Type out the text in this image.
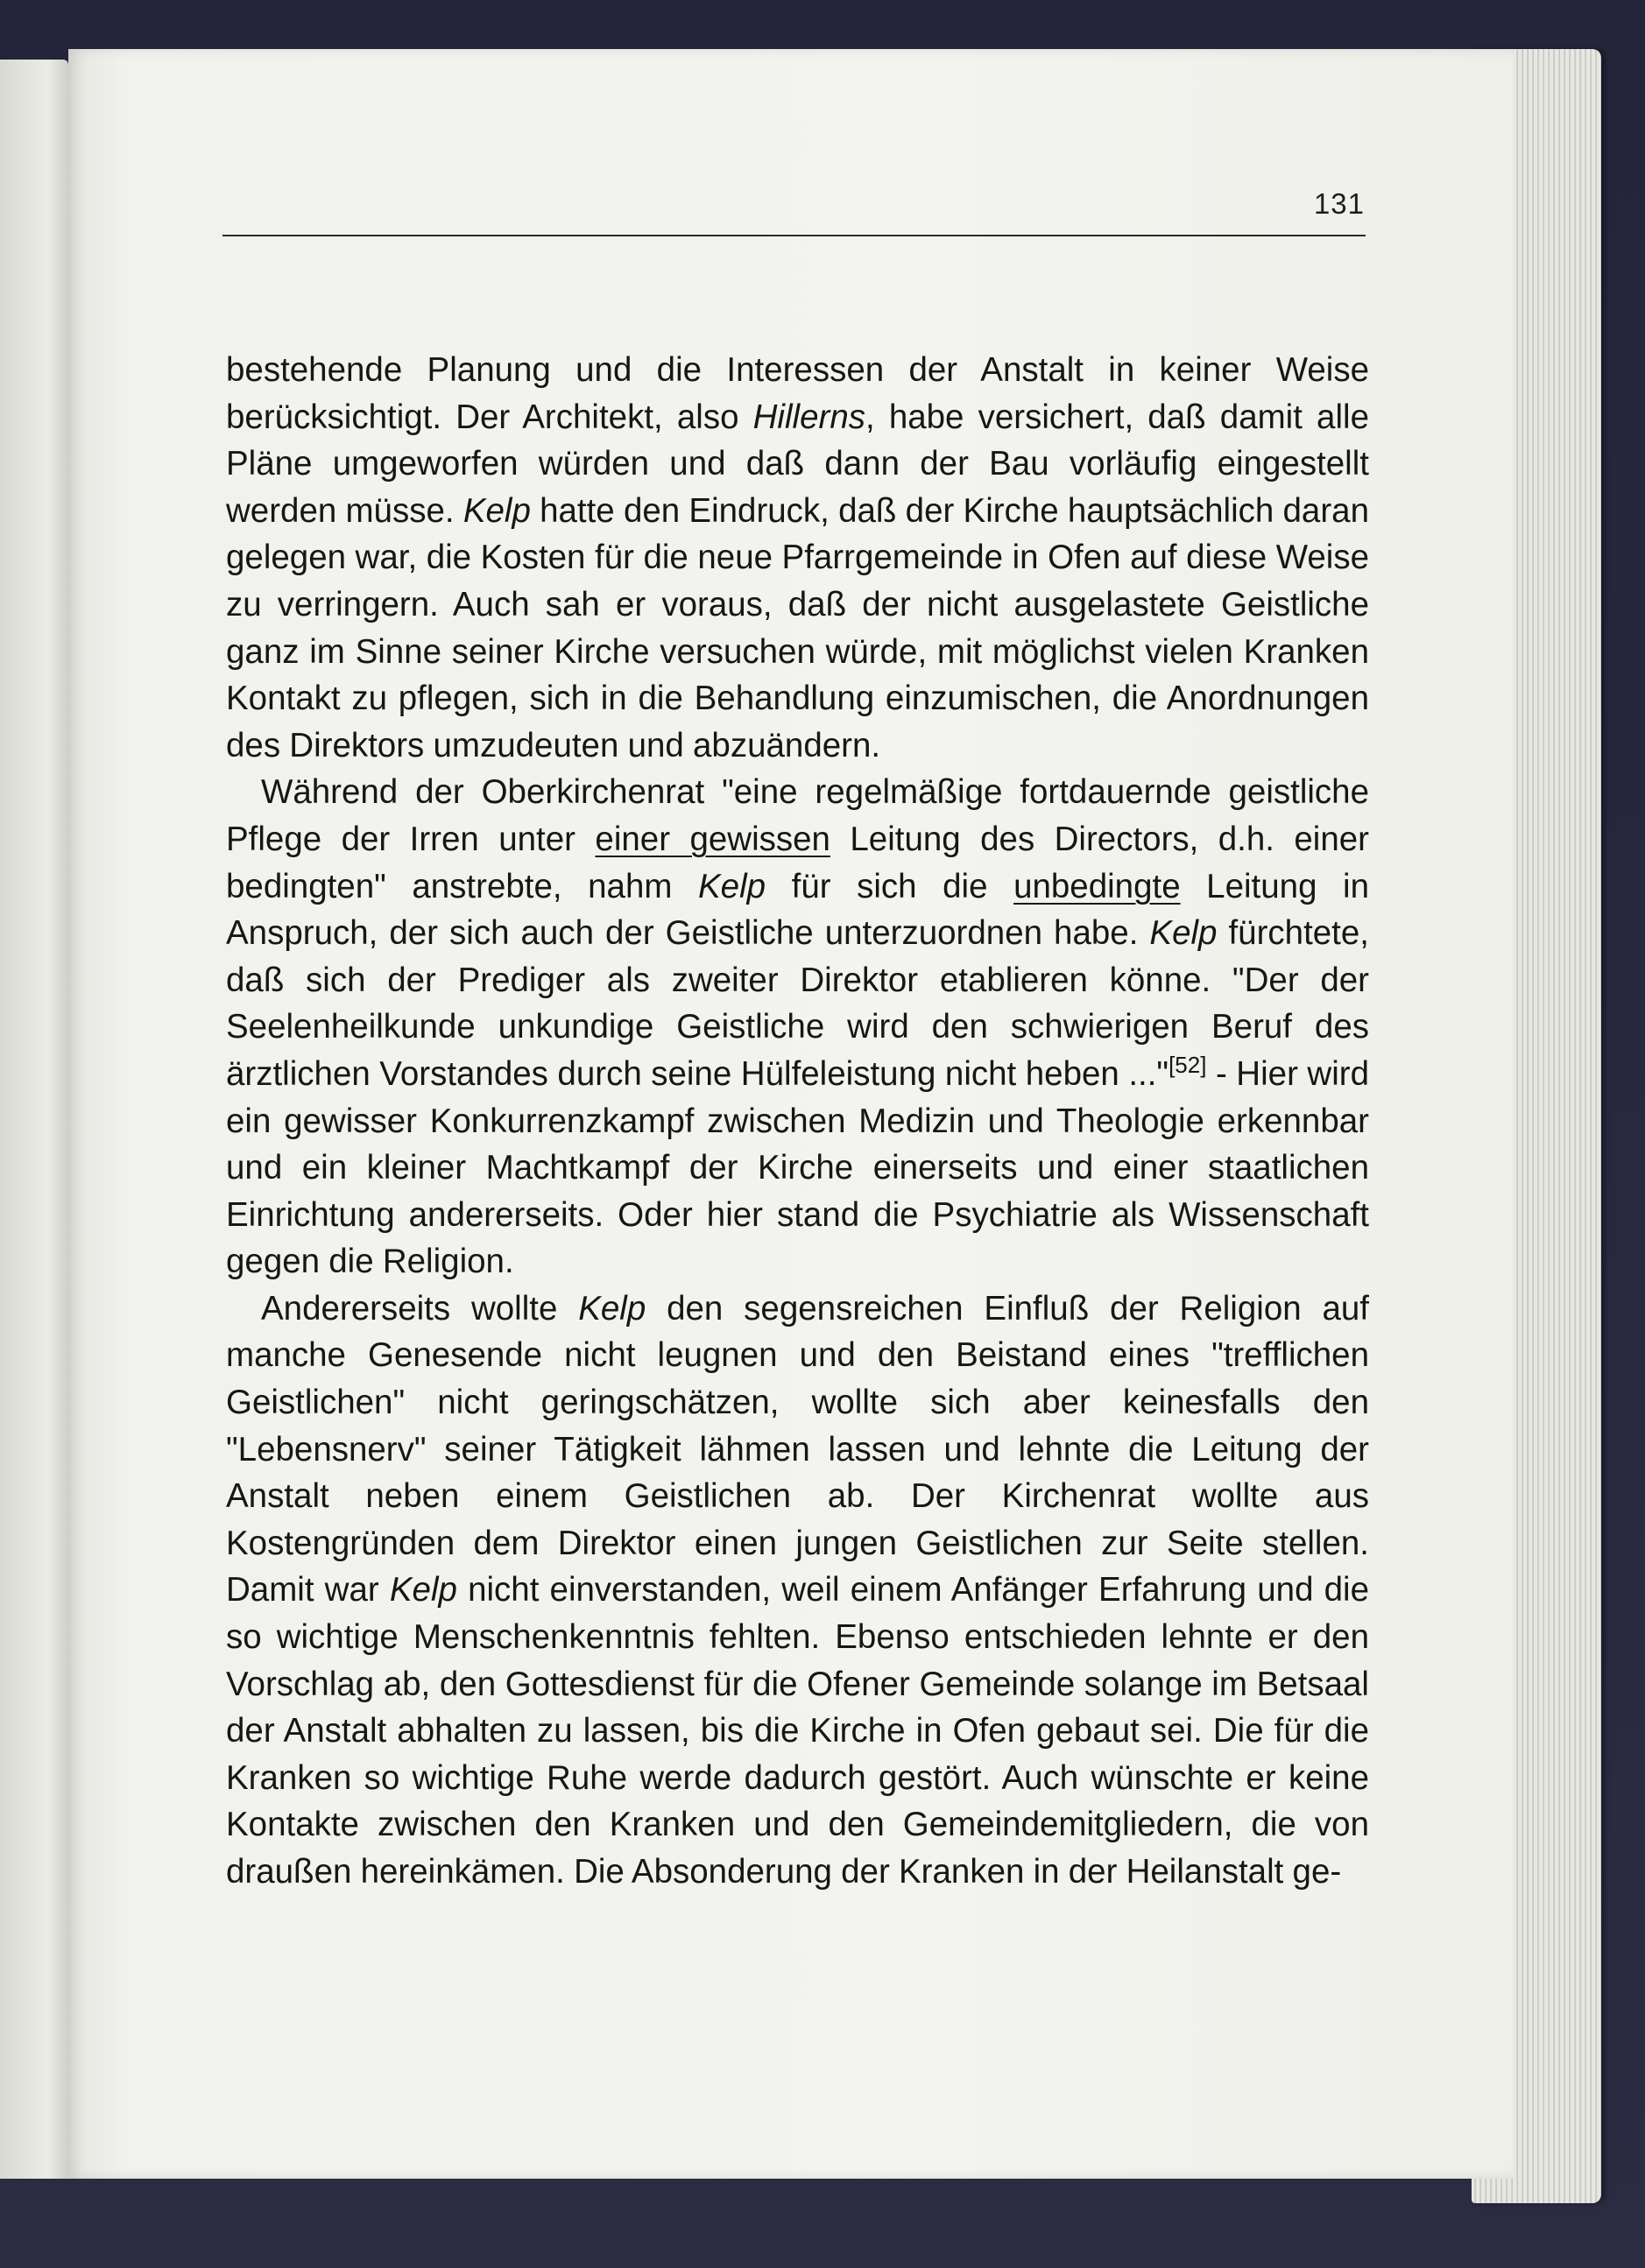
131

bestehende Planung und die Interessen der Anstalt in keiner Weise berücksichtigt. Der Architekt, also Hillerns, habe versichert, daß damit alle Pläne umgeworfen würden und daß dann der Bau vorläufig eingestellt werden müsse. Kelp hatte den Eindruck, daß der Kirche hauptsächlich daran gelegen war, die Kosten für die neue Pfarrgemeinde in Ofen auf diese Weise zu verringern. Auch sah er voraus, daß der nicht ausgelastete Geistliche ganz im Sinne seiner Kirche versuchen würde, mit möglichst vielen Kranken Kontakt zu pflegen, sich in die Behandlung einzumischen, die Anordnungen des Direktors umzudeuten und abzuändern.

Während der Oberkirchenrat "eine regelmäßige fortdauernde geistliche Pflege der Irren unter einer gewissen Leitung des Directors, d.h. einer bedingten" anstrebte, nahm Kelp für sich die unbedingte Leitung in Anspruch, der sich auch der Geistliche unterzuordnen habe. Kelp fürchtete, daß sich der Prediger als zweiter Direktor etablieren könne. "Der der Seelenheilkunde unkundige Geistliche wird den schwierigen Beruf des ärztlichen Vorstandes durch seine Hülfeleistung nicht heben ..."[52] - Hier wird ein gewisser Konkurrenzkampf zwischen Medizin und Theologie erkennbar und ein kleiner Machtkampf der Kirche einerseits und einer staatlichen Einrichtung andererseits. Oder hier stand die Psychiatrie als Wissenschaft gegen die Religion.

Andererseits wollte Kelp den segensreichen Einfluß der Religion auf manche Genesende nicht leugnen und den Beistand eines "trefflichen Geistlichen" nicht geringschätzen, wollte sich aber keinesfalls den "Lebensnerv" seiner Tätigkeit lähmen lassen und lehnte die Leitung der Anstalt neben einem Geistlichen ab. Der Kirchenrat wollte aus Kostengründen dem Direktor einen jungen Geistlichen zur Seite stellen. Damit war Kelp nicht einverstanden, weil einem Anfänger Erfahrung und die so wichtige Menschenkenntnis fehlten. Ebenso entschieden lehnte er den Vorschlag ab, den Gottesdienst für die Ofener Gemeinde solange im Betsaal der Anstalt abhalten zu lassen, bis die Kirche in Ofen gebaut sei. Die für die Kranken so wichtige Ruhe werde dadurch gestört. Auch wünschte er keine Kontakte zwischen den Kranken und den Gemeindemitgliedern, die von draußen hereinkämen. Die Absonderung der Kranken in der Heilanstalt ge-
